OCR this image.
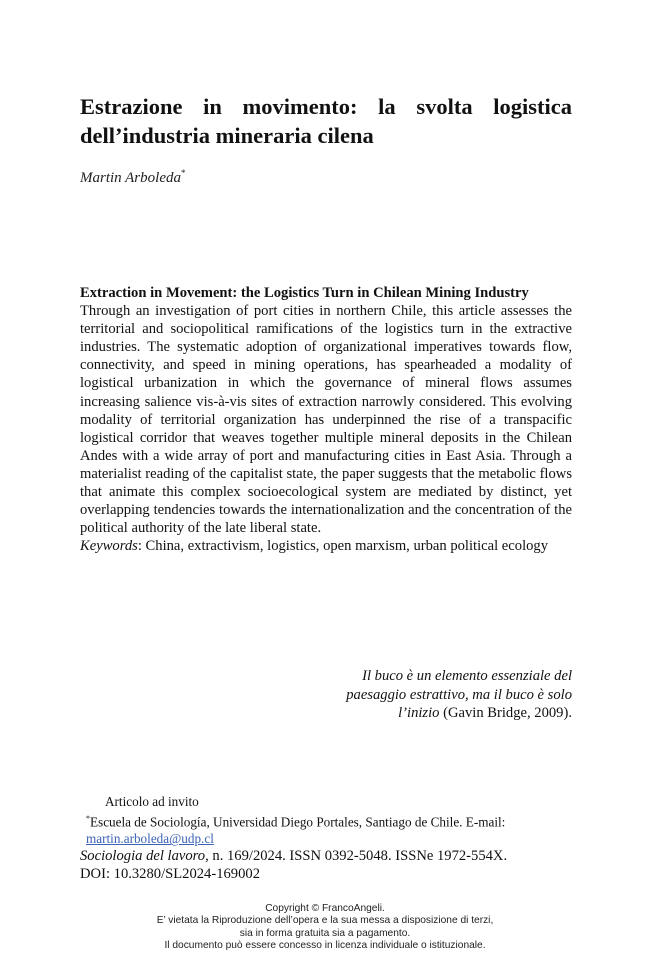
Estrazione in movimento: la svolta logistica dell’industria mineraria cilena
Martin Arboleda*
Extraction in Movement: the Logistics Turn in Chilean Mining Industry
Through an investigation of port cities in northern Chile, this article assesses the territorial and sociopolitical ramifications of the logistics turn in the extractive industries. The systematic adoption of organizational imperatives towards flow, connectivity, and speed in mining operations, has spearheaded a modality of logistical urbanization in which the governance of mineral flows assumes increasing salience vis-à-vis sites of extraction narrowly considered. This evolving modality of territorial organization has underpinned the rise of a transpacific logistical corridor that weaves together multiple mineral deposits in the Chilean Andes with a wide array of port and manufacturing cities in East Asia. Through a materialist reading of the capitalist state, the paper suggests that the metabolic flows that animate this complex socioecological system are mediated by distinct, yet overlapping tendencies towards the internationalization and the concentration of the political authority of the late liberal state.
Keywords: China, extractivism, logistics, open marxism, urban political ecology
Il buco è un elemento essenziale del paesaggio estrattivo, ma il buco è solo l’inizio (Gavin Bridge, 2009).
Articolo ad invito
*Escuela de Sociología, Universidad Diego Portales, Santiago de Chile. E-mail: martin.arboleda@udp.cl
Sociologia del lavoro, n. 169/2024. ISSN 0392-5048. ISSNe 1972-554X.
DOI: 10.3280/SL2024-169002
Copyright © FrancoAngeli.
E’ vietata la Riproduzione dell’opera e la sua messa a disposizione di terzi,
sia in forma gratuita sia a pagamento.
Il documento può essere concesso in licenza individuale o istituzionale.
